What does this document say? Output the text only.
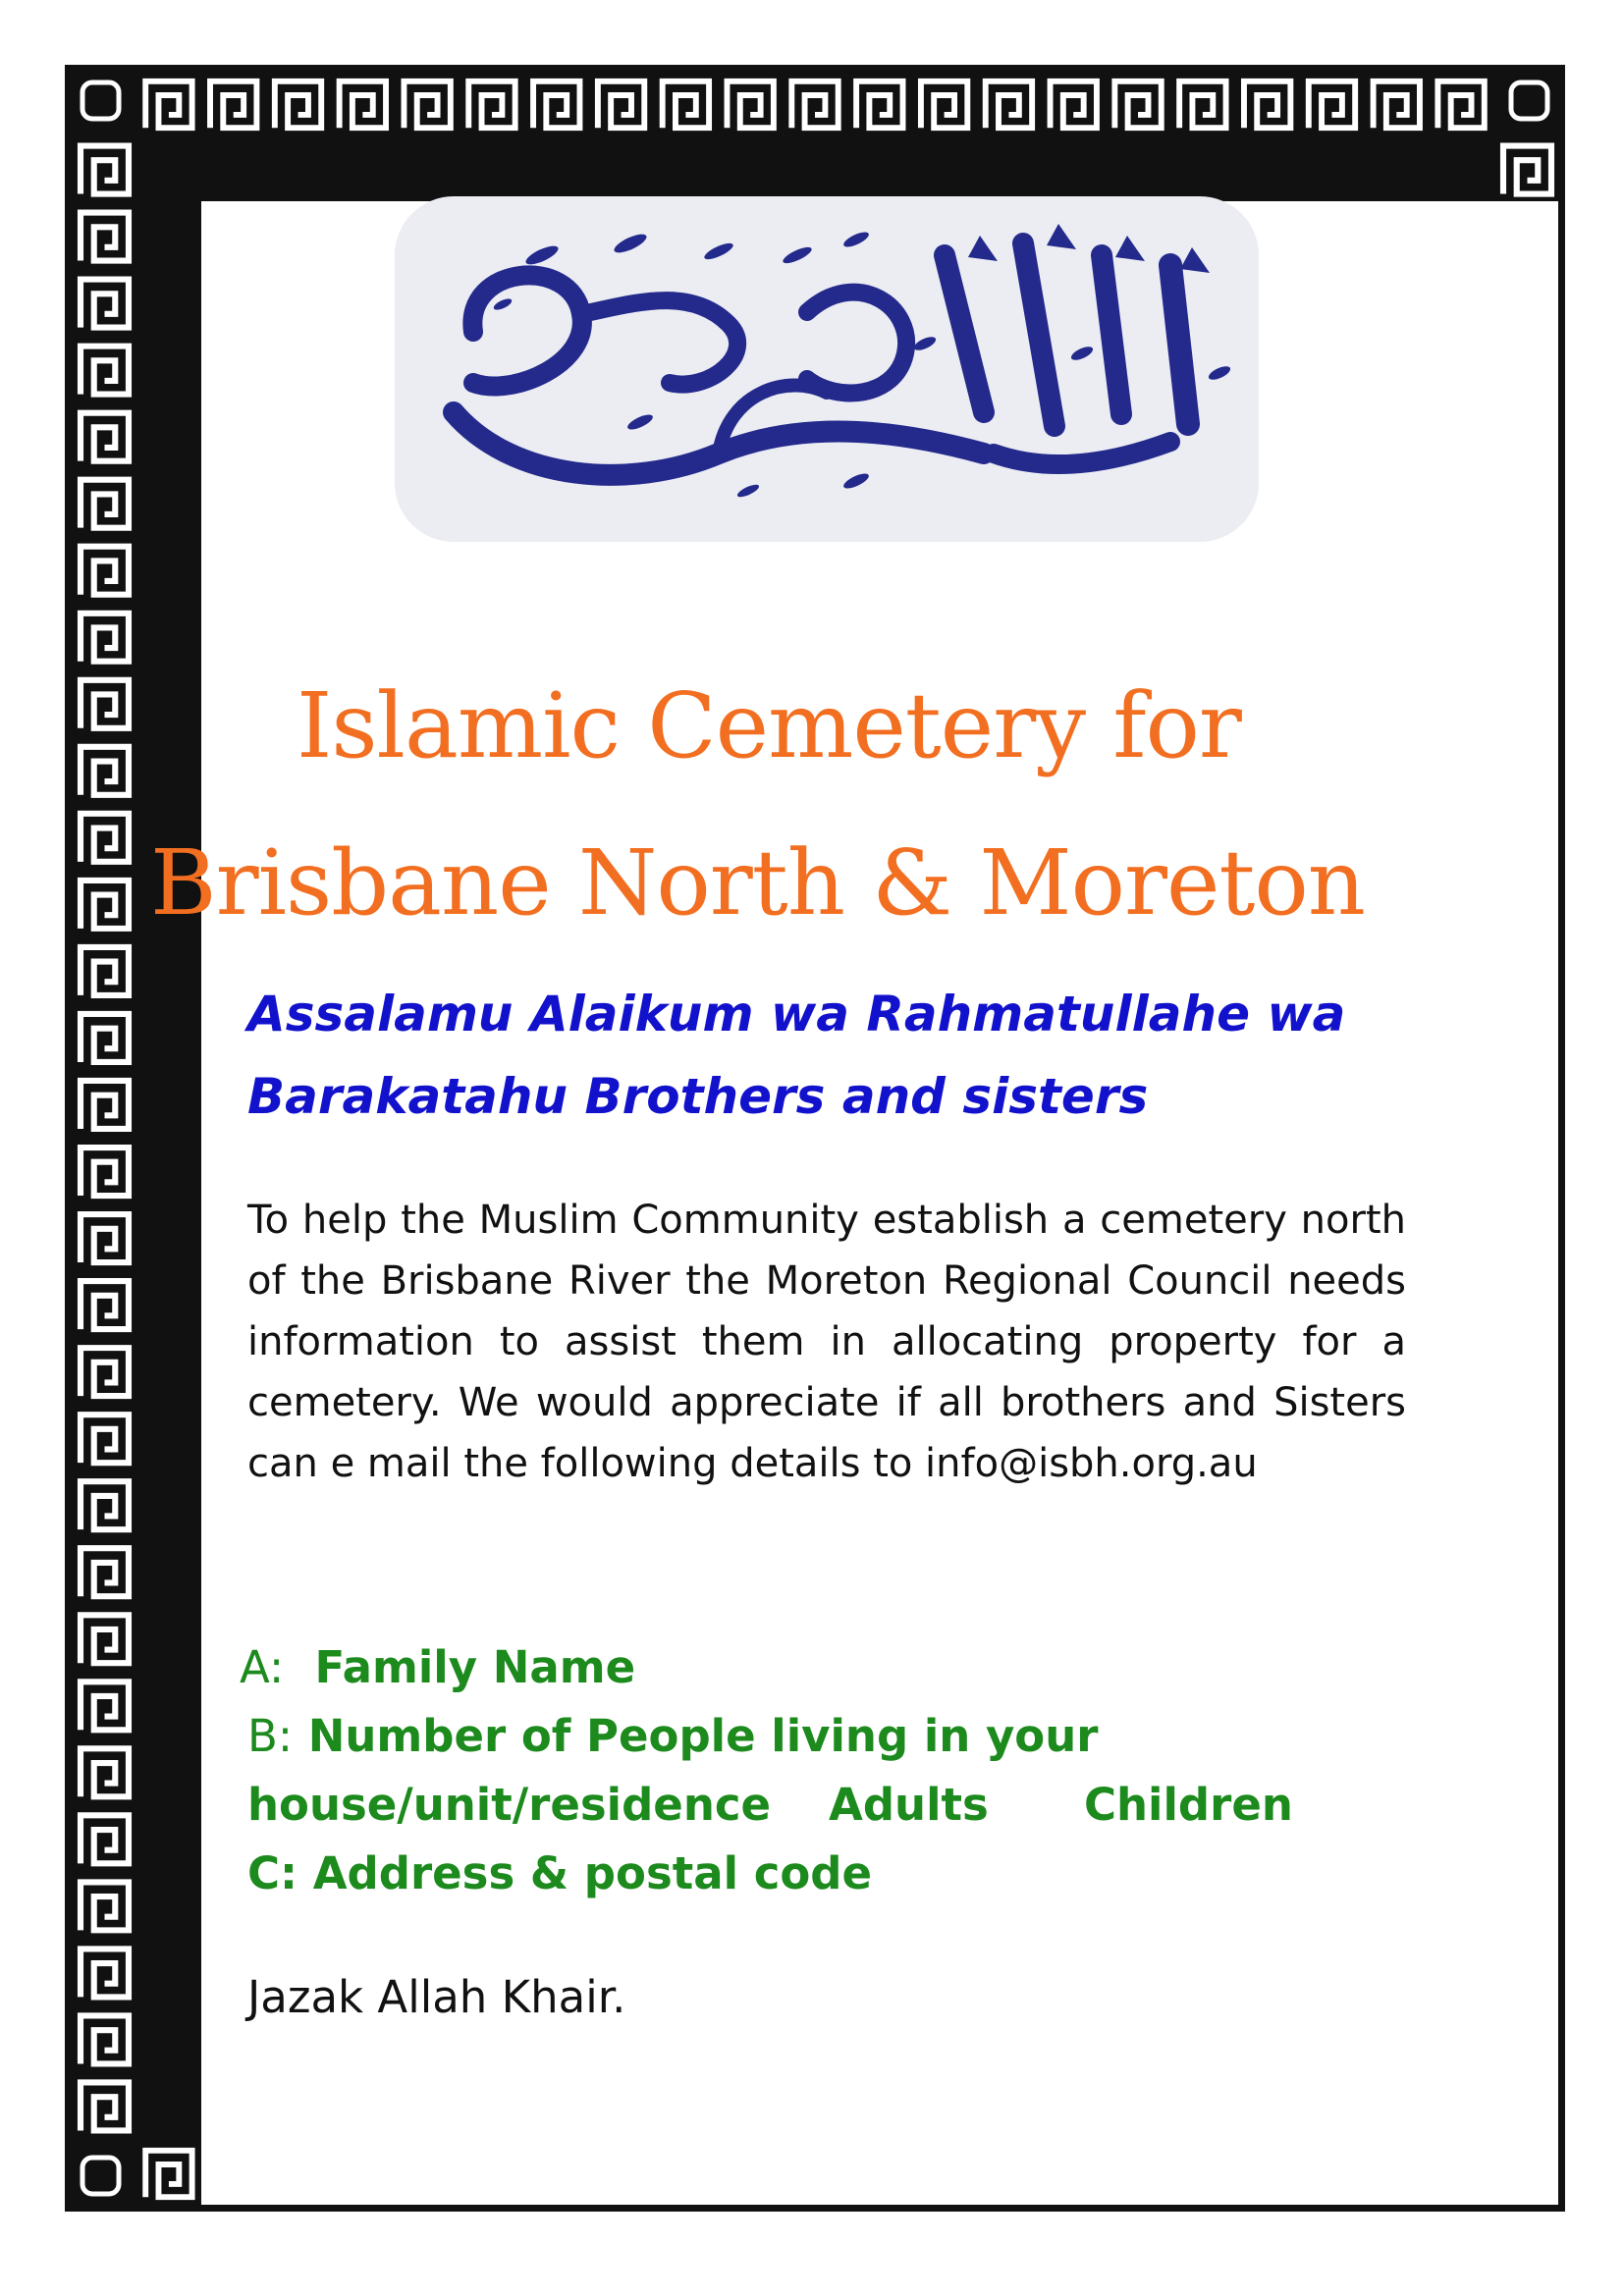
Islamic Cemetery for
Brisbane North & Moreton
Assalamu Alaikum wa Rahmatullahe wa
Barakatahu Brothers and sisters
To help the Muslim Community establish a cemetery north of the Brisbane River the Moreton Regional Council needs information to assist them in allocating property for a cemetery. We would appreciate if all brothers and Sisters can e mail the following details to info@isbh.org.au
A: Family Name
B: Number of People living in your
house/unit/residence Adults Children
C: Address & postal code
Jazak Allah Khair.
